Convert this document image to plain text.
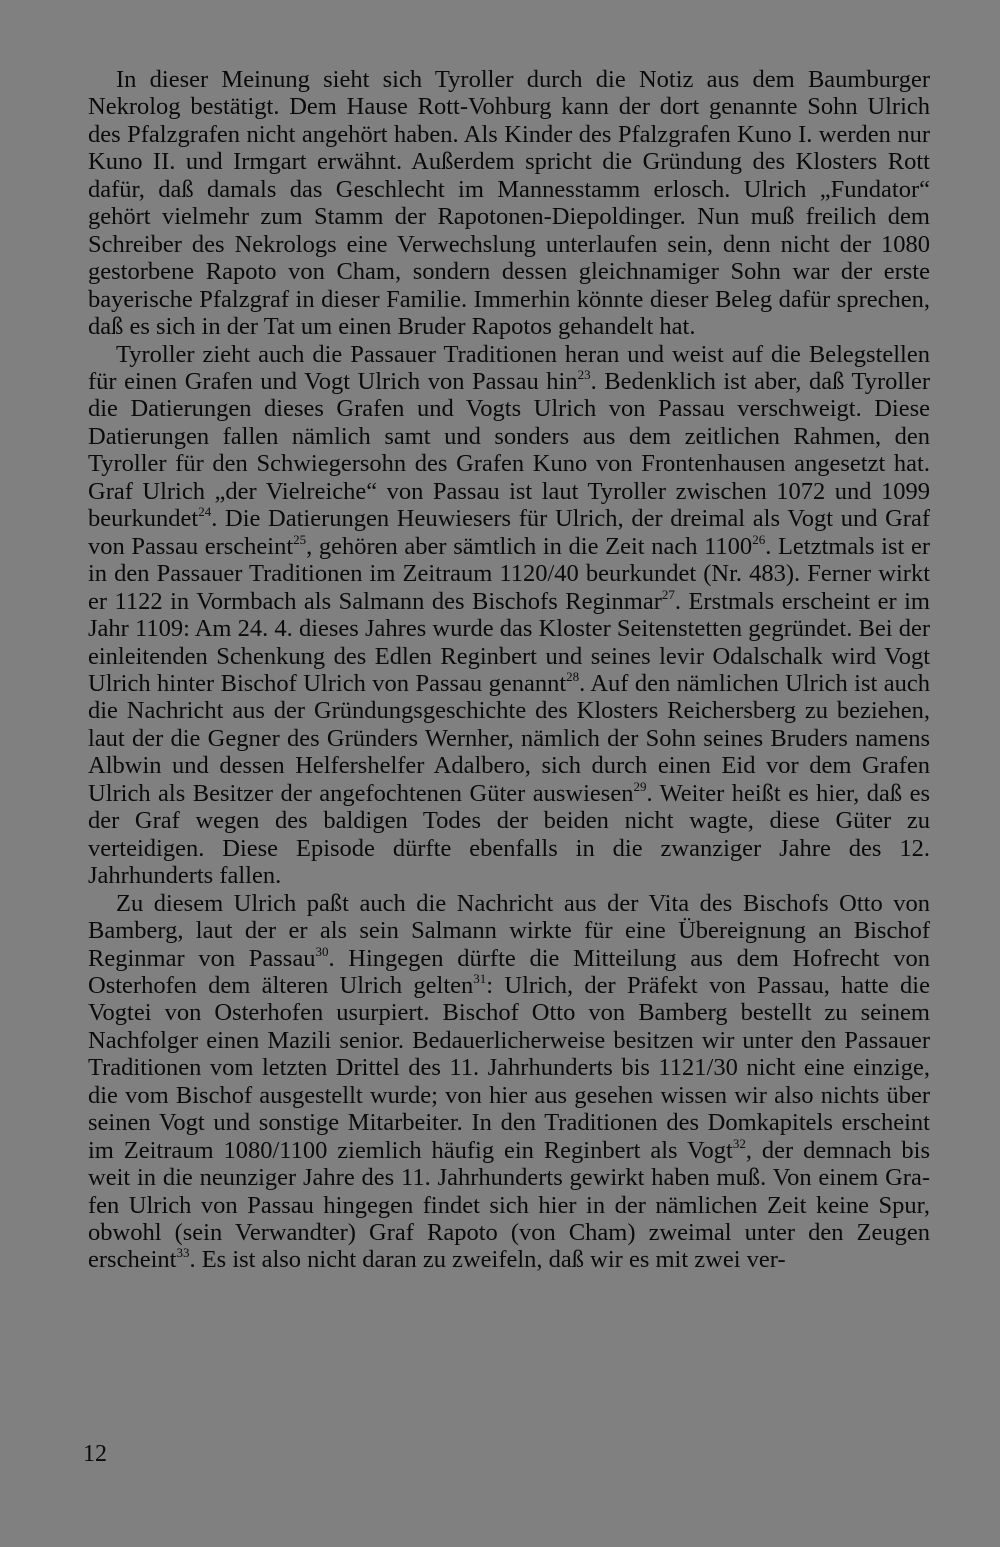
In dieser Meinung sieht sich Tyroller durch die Notiz aus dem Baumburger Nekrolog bestätigt. Dem Hause Rott-Vohburg kann der dort genannte Sohn Ulrich des Pfalzgrafen nicht angehört haben. Als Kinder des Pfalzgrafen Kuno I. werden nur Kuno II. und Irmgart erwähnt. Außerdem spricht die Gründung des Klosters Rott dafür, daß damals das Geschlecht im Mannesstamm erlosch. Ulrich „Fundator“ gehört vielmehr zum Stamm der Rapotonen-Diepoldinger. Nun muß freilich dem Schreiber des Nekrologs eine Verwechslung unterlaufen sein, denn nicht der 1080 gestorbene Rapoto von Cham, sondern dessen gleichnamiger Sohn war der erste bayerische Pfalzgraf in dieser Familie. Immerhin könnte dieser Beleg dafür sprechen, daß es sich in der Tat um einen Bruder Rapotos gehandelt hat.

Tyroller zieht auch die Passauer Traditionen heran und weist auf die Belegstellen für einen Grafen und Vogt Ulrich von Passau hin$^{23}$. Bedenklich ist aber, daß Tyroller die Datierungen dieses Grafen und Vogts Ulrich von Passau verschweigt. Diese Datierungen fallen nämlich samt und sonders aus dem zeitlichen Rahmen, den Tyroller für den Schwiegersohn des Grafen Kuno von Frontenhausen angesetzt hat. Graf Ulrich „der Vielreiche“ von Passau ist laut Tyroller zwischen 1072 und 1099 beurkundet$^{24}$. Die Datierungen Heuwiesers für Ulrich, der dreimal als Vogt und Graf von Passau erscheint$^{25}$, gehören aber sämtlich in die Zeit nach 1100$^{26}$. Letztmals ist er in den Passauer Traditionen im Zeitraum 1120/40 beurkundet (Nr. 483). Ferner wirkt er 1122 in Vormbach als Salmann des Bischofs Reginmar$^{27}$. Erstmals erscheint er im Jahr 1109: Am 24. 4. dieses Jahres wurde das Kloster Seitenstetten gegründet. Bei der einleitenden Schenkung des Edlen Reginbert und seines levir Odalschalk wird Vogt Ulrich hinter Bischof Ulrich von Passau genannt$^{28}$. Auf den nämlichen Ulrich ist auch die Nachricht aus der Gründungsgeschichte des Klosters Reichersberg zu beziehen, laut der die Gegner des Gründers Wernher, nämlich der Sohn seines Bruders namens Albwin und dessen Helfershelfer Adalbero, sich durch einen Eid vor dem Grafen Ulrich als Besitzer der angefochtenen Güter auswiesen$^{29}$. Weiter heißt es hier, daß es der Graf wegen des baldigen Todes der beiden nicht wagte, diese Güter zu verteidigen. Diese Episode dürfte ebenfalls in die zwanziger Jahre des 12. Jahrhunderts fallen.

Zu diesem Ulrich paßt auch die Nachricht aus der Vita des Bischofs Otto von Bamberg, laut der er als sein Salmann wirkte für eine Übereignung an Bischof Reginmar von Passau$^{30}$. Hingegen dürfte die Mitteilung aus dem Hofrecht von Osterhofen dem älteren Ulrich gelten$^{31}$: Ulrich, der Präfekt von Passau, hatte die Vogtei von Osterhofen usurpiert. Bischof Otto von Bamberg bestellt zu seinem Nachfolger einen Mazili senior. Bedauerlicherweise besitzen wir unter den Passauer Traditionen vom letzten Drittel des 11. Jahrhunderts bis 1121/30 nicht eine einzige, die vom Bischof ausgestellt wurde; von hier aus gesehen wissen wir also nichts über seinen Vogt und sonstige Mitarbeiter. In den Traditionen des Domkapitels erscheint im Zeitraum 1080/1100 ziemlich häufig ein Reginbert als Vogt$^{32}$, der demnach bis weit in die neunziger Jahre des 11. Jahrhunderts gewirkt haben muß. Von einem Grafen Ulrich von Passau hingegen findet sich hier in der nämlichen Zeit keine Spur, obwohl (sein Verwandter) Graf Rapoto (von Cham) zweimal unter den Zeugen erscheint$^{33}$. Es ist also nicht daran zu zweifeln, daß wir es mit zwei ver-

12
